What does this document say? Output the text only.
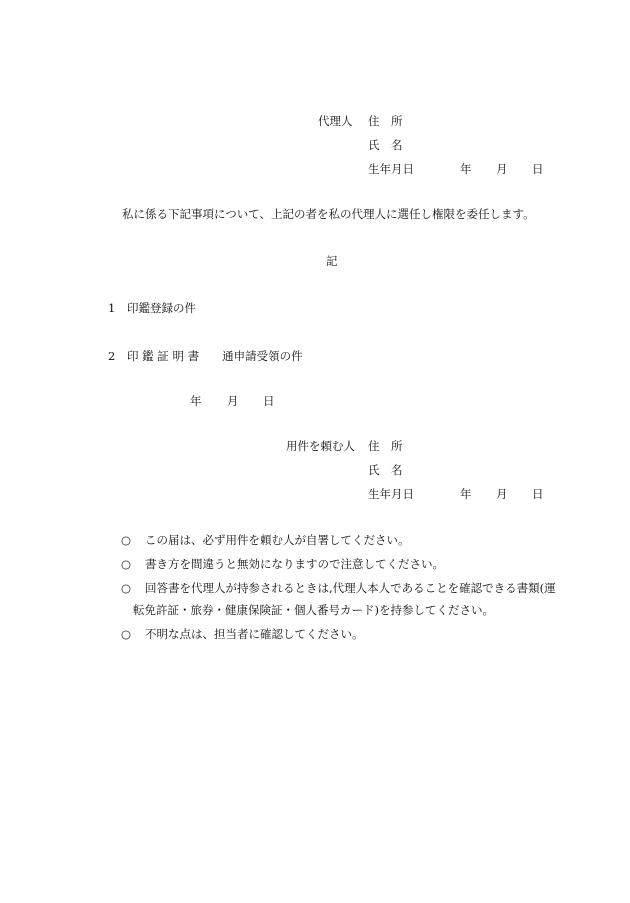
代理人 住　所
氏　名
生年月日	年 月 日
私に係る下記事項について、上記の者を私の代理人に選任し権限を委任します。
記
1 印鑑登録の件
2 印 鑑 証 明 書　　通申請受領の件
年 月 日
用件を頼む人 住　所
氏　名
生年月日	年 月 日
○ この届は、必ず用件を頼む人が自署してください。
○ 書き方を間違うと無効になりますので注意してください。
○ 回答書を代理人が持参されるときは,代理人本人であることを確認できる書類(運
転免許証・旅券・健康保険証・個人番号カード)を持参してください。
○ 不明な点は、担当者に確認してください。
